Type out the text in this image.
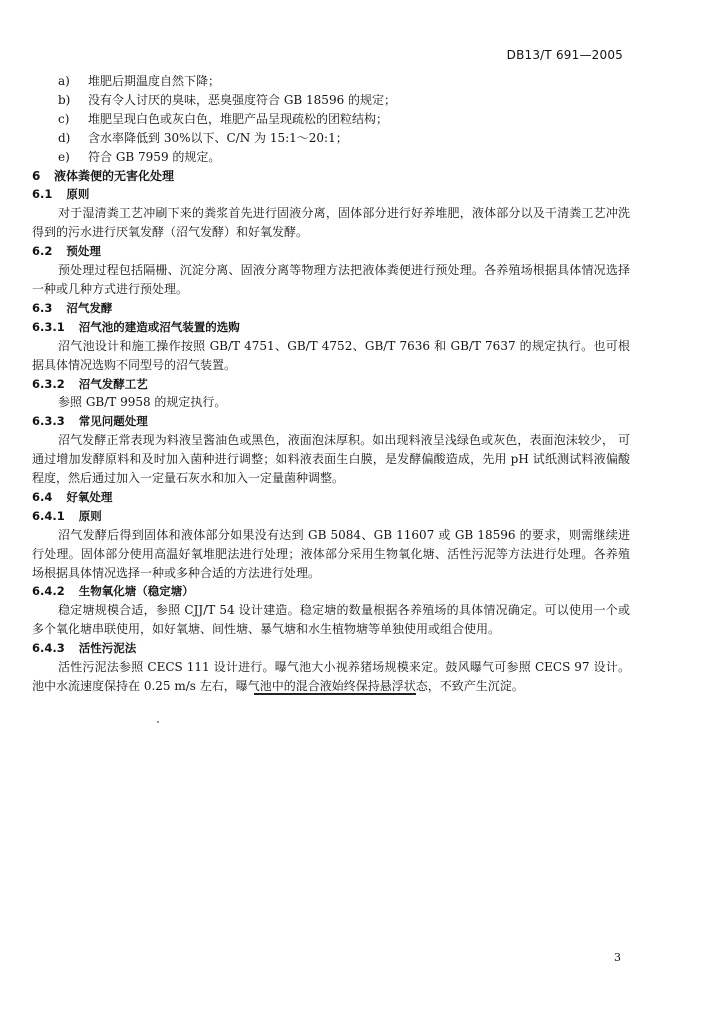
DB13/T 691—2005
a) 堆肥后期温度自然下降；
b) 没有令人讨厌的臭味，恶臭强度符合 GB 18596 的规定；
c) 堆肥呈现白色或灰白色，堆肥产品呈现疏松的团粒结构；
d) 含水率降低到 30%以下、C/N 为 15:1～20:1；
e) 符合 GB 7959 的规定。
6 液体粪便的无害化处理
6.1 原则
对于湿清粪工艺冲刷下来的粪浆首先进行固液分离，固体部分进行好养堆肥，液体部分以及干清粪工艺冲洗得到的污水进行厌氧发酵（沼气发酵）和好氧发酵。
6.2 预处理
预处理过程包括隔栅、沉淀分离、固液分离等物理方法把液体粪便进行预处理。各养殖场根据具体情况选择一种或几种方式进行预处理。
6.3 沼气发酵
6.3.1 沼气池的建造或沼气装置的选购
沼气池设计和施工操作按照 GB/T 4751、GB/T 4752、GB/T 7636 和 GB/T 7637 的规定执行。也可根据具体情况选购不同型号的沼气装置。
6.3.2 沼气发酵工艺
参照 GB/T 9958 的规定执行。
6.3.3 常见问题处理
沼气发酵正常表现为料液呈酱油色或黑色，液面泡沫厚积。如出现料液呈浅绿色或灰色，表面泡沫较少， 可通过增加发酵原料和及时加入菌种进行调整；如料液表面生白膜，是发酵偏酸造成，先用 pH 试纸测试料液偏酸程度，然后通过加入一定量石灰水和加入一定量菌种调整。
6.4 好氧处理
6.4.1 原则
沼气发酵后得到固体和液体部分如果没有达到 GB 5084、GB 11607 或 GB 18596 的要求，则需继续进行处理。固体部分使用高温好氧堆肥法进行处理；液体部分采用生物氧化塘、活性污泥等方法进行处理。各养殖场根据具体情况选择一种或多种合适的方法进行处理。
6.4.2 生物氧化塘（稳定塘）
稳定塘规模合适，参照 CJJ/T 54 设计建造。稳定塘的数量根据各养殖场的具体情况确定。可以使用一个或多个氧化塘串联使用，如好氧塘、间性塘、暴气塘和水生植物塘等单独使用或组合使用。
6.4.3 活性污泥法
活性污泥法参照 CECS 111 设计进行。曝气池大小视养猪场规模来定。鼓风曝气可参照 CECS 97 设计。池中水流速度保持在 0.25 m/s 左右，曝气池中的混合液始终保持悬浮状态，不致产生沉淀。
3
